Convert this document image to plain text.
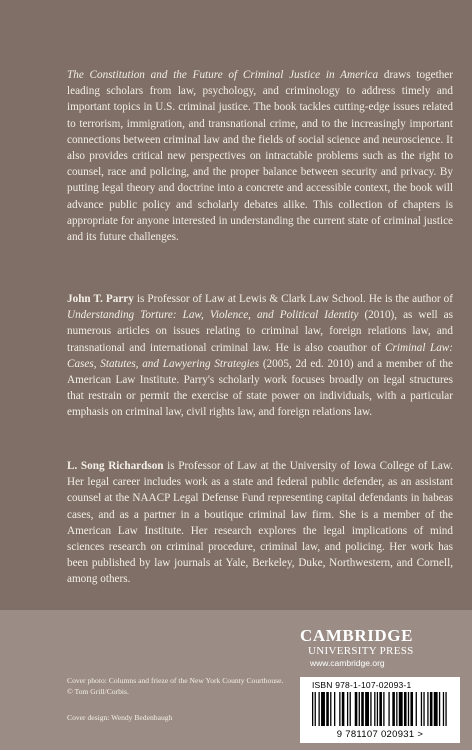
The Constitution and the Future of Criminal Justice in America draws together leading scholars from law, psychology, and criminology to address timely and important topics in U.S. criminal justice. The book tackles cutting-edge issues related to terrorism, immigration, and transnational crime, and to the increasingly important connections between criminal law and the fields of social science and neuroscience. It also provides critical new perspectives on intractable problems such as the right to counsel, race and policing, and the proper balance between security and privacy. By putting legal theory and doctrine into a concrete and accessible context, the book will advance public policy and scholarly debates alike. This collection of chapters is appropriate for anyone interested in understanding the current state of criminal justice and its future challenges.

John T. Parry is Professor of Law at Lewis & Clark Law School. He is the author of Understanding Torture: Law, Violence, and Political Identity (2010), as well as numerous articles on issues relating to criminal law, foreign relations law, and transnational and international criminal law. He is also coauthor of Criminal Law: Cases, Statutes, and Lawyering Strategies (2005, 2d ed. 2010) and a member of the American Law Institute. Parry's scholarly work focuses broadly on legal structures that restrain or permit the exercise of state power on individuals, with a particular emphasis on criminal law, civil rights law, and foreign relations law.

L. Song Richardson is Professor of Law at the University of Iowa College of Law. Her legal career includes work as a state and federal public defender, as an assistant counsel at the NAACP Legal Defense Fund representing capital defendants in habeas cases, and as a partner in a boutique criminal law firm. She is a member of the American Law Institute. Her research explores the legal implications of mind sciences research on criminal procedure, criminal law, and policing. Her work has been published by law journals at Yale, Berkeley, Duke, Northwestern, and Cornell, among others.

CAMBRIDGE
UNIVERSITY PRESS
www.cambridge.org
ISBN 978-1-107-02093-1
9 781107 020931 >
Cover photo: Columns and frieze of the New York County Courthouse. © Tom Grill/Corbis.
Cover design: Wendy Bedenbaugh
